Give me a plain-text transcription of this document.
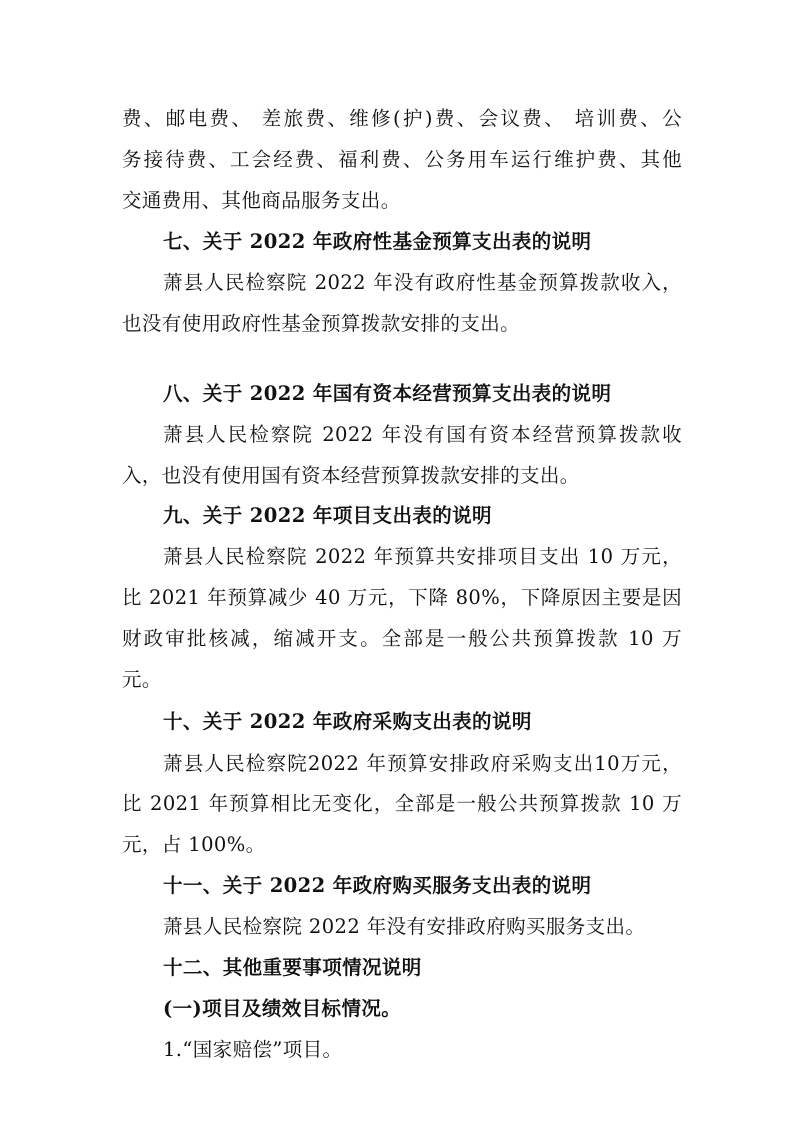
费、邮电费、 差旅费、维修(护)费、会议费、 培训费、公
务接待费、工会经费、福利费、公务用车运行维护费、其他
交通费用、其他商品服务支出。
七、关于 2022 年政府性基金预算支出表的说明
萧县人民检察院 2022 年没有政府性基金预算拨款收入，
也没有使用政府性基金预算拨款安排的支出。
八、关于 2022 年国有资本经营预算支出表的说明
萧县人民检察院 2022 年没有国有资本经营预算拨款收
入，也没有使用国有资本经营预算拨款安排的支出。
九、关于 2022 年项目支出表的说明
萧县人民检察院 2022 年预算共安排项目支出 10 万元，
比 2021 年预算减少 40 万元，下降 80%，下降原因主要是因
财政审批核减，缩减开支。全部是一般公共预算拨款 10 万
元。
十、关于 2022 年政府采购支出表的说明
萧县人民检察院2022 年预算安排政府采购支出10万元，
比 2021 年预算相比无变化，全部是一般公共预算拨款 10 万
元，占 100%。
十一、关于 2022 年政府购买服务支出表的说明
萧县人民检察院 2022 年没有安排政府购买服务支出。
十二、其他重要事项情况说明
(一)项目及绩效目标情况。
1.“国家赔偿”项目。
